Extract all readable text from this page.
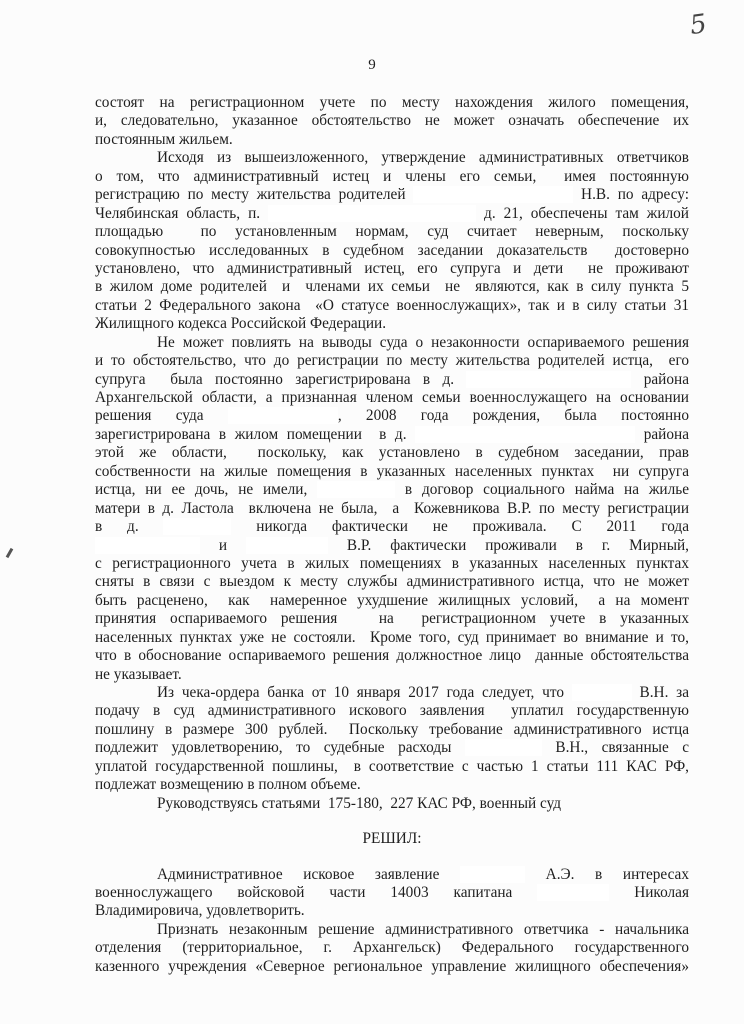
9
5
состоят на регистрационном учете по месту нахождения жилого помещения,
и, следовательно, указанное обстоятельство не может означать обеспечение их
постоянным жильем.
Исходя из вышеизложенного, утверждение административных ответчиков
о том, что административный истец и члены его семьи,  имея постоянную
регистрацию по месту жительства родителей	Н.В. по адресу:
Челябинская область, п.	д. 21, обеспечены там жилой
площадью  по установленным нормам, суд считает неверным, поскольку
совокупностью исследованных в судебном заседании доказательств  достоверно
установлено, что административный истец, его супруга и дети  не проживают
в жилом доме родителей  и  членами их семьи  не  являются, как в силу пункта 5
статьи 2 Федерального закона  «О статусе военнослужащих», так и в силу статьи 31
Жилищного кодекса Российской Федерации.
Не может повлиять на выводы суда о незаконности оспариваемого решения
и то обстоятельство, что до регистрации по месту жительства родителей истца,  его
супруга  была постоянно зарегистрирована в д.	района
Архангельской области, а признанная членом семьи военнослужащего на основании
решения суда	, 2008 года рождения, была постоянно
зарегистрирована в жилом помещении  в д.	района
этой же области,  поскольку, как установлено в судебном заседании, прав
собственности на жилые помещения в указанных населенных пунктах  ни супруга
истца, ни ее дочь, не имели,	в договор социального найма на жилье
матери в д. Ластола  включена не была,  а  Кожевникова В.Р. по месту регистрации
в д.	никогда фактически не проживала. С 2011 года
и	В.Р. фактически проживали в г. Мирный,
с регистрационного учета в жилых помещениях в указанных населенных пунктах
сняты в связи с выездом к месту службы административного истца, что не может
быть расценено,  как  намеренное ухудшение жилищных условий,  а на момент
принятия оспариваемого решения   на  регистрационном учете в указанных
населенных пунктах уже не состояли.  Кроме того, суд принимает во внимание и то,
что в обоснование оспариваемого решения должностное лицо  данные обстоятельства
не указывает.
Из чека-ордера банка от 10 января 2017 года следует, что	В.Н. за
подачу в суд административного искового заявления  уплатил государственную
пошлину в размере 300 рублей.  Поскольку требование административного истца
подлежит удовлетворению, то судебные расходы	В.Н., связанные с
уплатой государственной пошлины,  в соответствие с частью 1 статьи 111 КАС РФ,
подлежат возмещению в полном объеме.
Руководствуясь статьями  175-180,  227 КАС РФ, военный суд
РЕШИЛ:
Административное исковое заявление	А.Э. в интересах
военнослужащего войсковой части 14003 капитана	Николая
Владимировича, удовлетворить.
Признать незаконным решение административного ответчика - начальника
отделения (территориальное, г. Архангельск) Федерального государственного
казенного учреждения «Северное региональное управление жилищного обеспечения»
